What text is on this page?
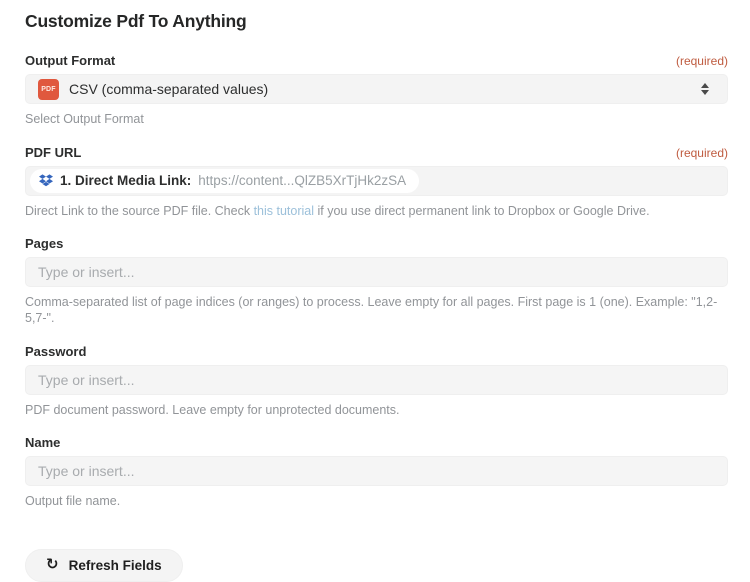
Customize Pdf To Anything
Output Format	(required)
PDF CSV (comma-separated values)
Select Output Format
PDF URL	(required)
1. Direct Media Link: https://content...QlZB5XrTjHk2zSA
Direct Link to the source PDF file. Check this tutorial if you use direct permanent link to Dropbox or Google Drive.
Pages
Type or insert...
Comma-separated list of page indices (or ranges) to process. Leave empty for all pages. First page is 1 (one). Example: "1,2-5,7-".
Password
Type or insert...
PDF document password. Leave empty for unprotected documents.
Name
Type or insert...
Output file name.
↻ Refresh Fields
